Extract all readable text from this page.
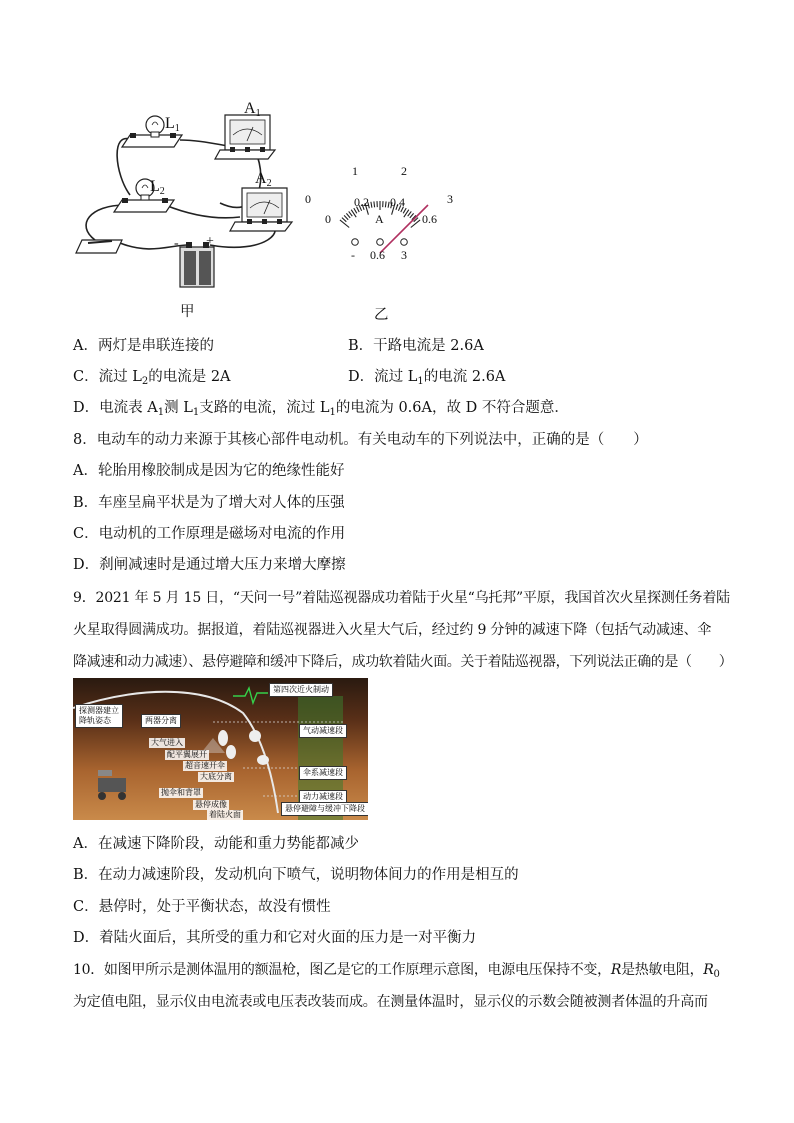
$L_1$
$A_1$
$L_2$
$A_2$
- +
甲
0
1	2
3
0
0.2 0.4
0.6
A
- 0.6 3
乙
A．两灯是串联连接的	B．干路电流是 2.6A
C．流过 $L_2$的电流是 2A	D．流过 $L_1$的电流 2.6A
D．电流表 $A_1$测 $L_1$支路的电流，流过 $L_1$的电流为 0.6A，故 D 不符合题意．
8．电动车的动力来源于其核心部件电动机。有关电动车的下列说法中，正确的是（　　）
A．轮胎用橡胶制成是因为它的绝缘性能好
B．车座呈扁平状是为了增大对人体的压强
C．电动机的工作原理是磁场对电流的作用
D．刹闸减速时是通过增大压力来增大摩擦
9．2021 年 5 月 15 日，“天问一号”着陆巡视器成功着陆于火星“乌托邦”平原，我国首次火星探测任务着陆
火星取得圆满成功。据报道，着陆巡视器进入火星大气后，经过约 9 分钟的减速下降（包括气动减速、伞
降减速和动力减速）、悬停避障和缓冲下降后，成功软着陆火面。关于着陆巡视器，下列说法正确的是（　　）
探测器建立
降轨姿态	两器分离
第四次近火制动
大气进入
配平翼展开
超音速开伞
大底分离
抛伞和背罩
悬停成像
着陆火面
气动减速段
伞系减速段
动力减速段
悬停避障与缓冲下降段
A．在减速下降阶段，动能和重力势能都减少
B．在动力减速阶段，发动机向下喷气，说明物体间力的作用是相互的
C．悬停时，处于平衡状态，故没有惯性
D．着陆火面后，其所受的重力和它对火面的压力是一对平衡力
10．如图甲所示是测体温用的额温枪，图乙是它的工作原理示意图，电源电压保持不变，R是热敏电阻，$R_0$
为定值电阻，显示仪由电流表或电压表改装而成。在测量体温时，显示仪的示数会随被测者体温的升高而
